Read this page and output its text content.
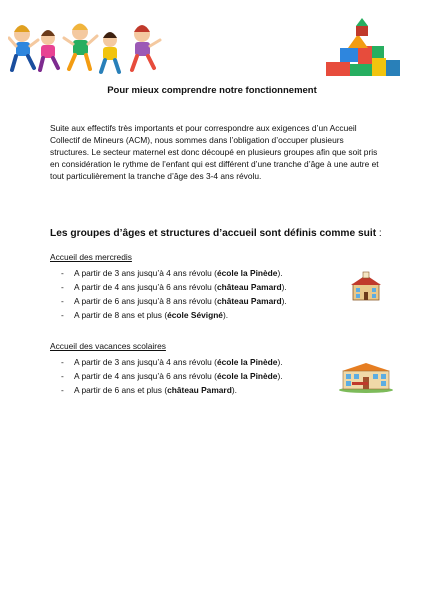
Pour mieux comprendre notre fonctionnement
Suite aux effectifs très importants et pour correspondre aux exigences d’un Accueil Collectif de Mineurs (ACM), nous sommes dans l’obligation d’occuper plusieurs structures. Le secteur maternel est donc découpé en plusieurs groupes afin que soit pris en considération le rythme de l’enfant qui est différent d’une tranche d’âge à une autre et tout particulièrement la tranche d’âge des 3-4 ans révolu.
Les groupes d’âges et structures d’accueil sont définis comme suit :
Accueil des mercredis
- A partir de 3 ans jusqu’à 4 ans révolu (école la Pinède).
- A partir de 4 ans jusqu’à 6 ans révolu (château Pamard).
- A partir de 6 ans jusqu’à 8 ans révolu (château Pamard).
- A partir de 8 ans et plus (école Sévigné).
Accueil des vacances scolaires
- A partir de 3 ans jusqu’à 4 ans révolu (école la Pinède).
- A partir de 4 ans jusqu’à 6 ans révolu (école la Pinède).
- A partir de 6 ans et plus (château Pamard).
